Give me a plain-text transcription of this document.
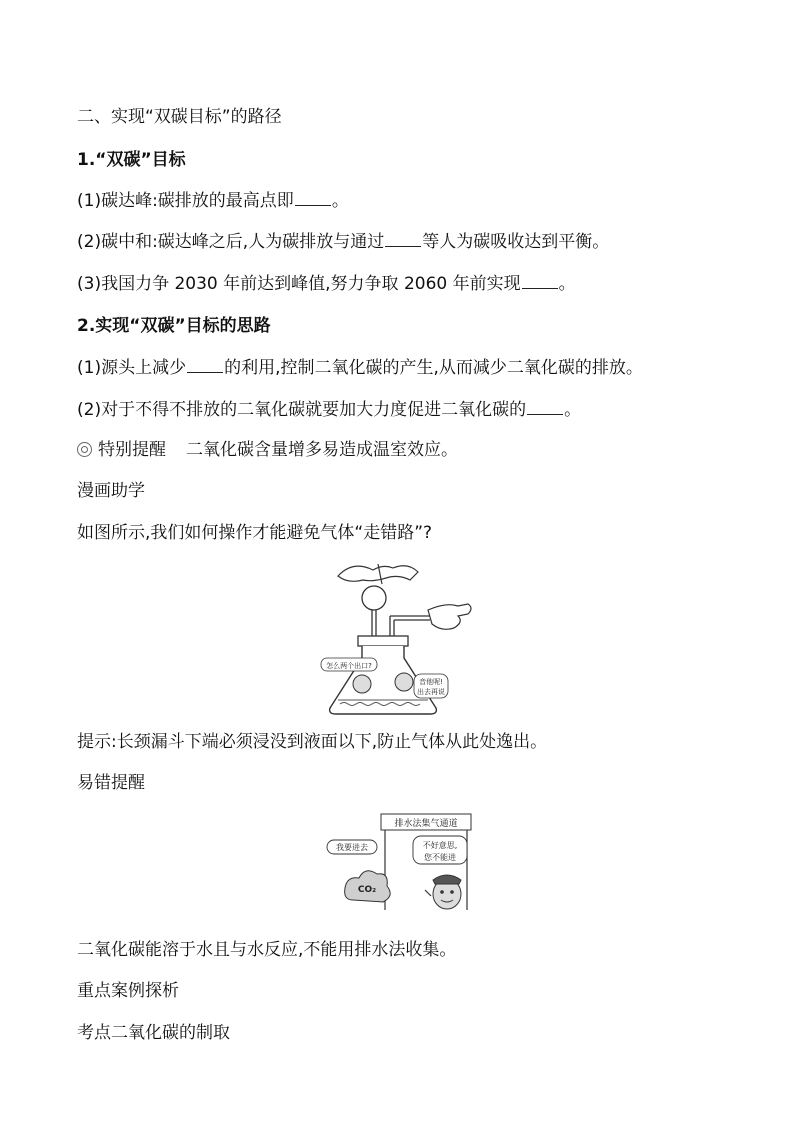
二、实现“双碳目标”的路径
1.“双碳”目标
(1)碳达峰:碳排放的最高点即 。
(2)碳中和:碳达峰之后,人为碳排放与通过 等人为碳吸收达到平衡。
(3)我国力争 2030 年前达到峰值,努力争取 2060 年前实现 。
2.实现“双碳”目标的思路
(1)源头上减少 的利用,控制二氧化碳的产生,从而减少二氧化碳的排放。
(2)对于不得不排放的二氧化碳就要加大力度促进二氧化碳的 。
特别提醒 二氧化碳含量增多易造成温室效应。
漫画助学
如图所示,我们如何操作才能避免气体“走错路”?
怎么两个出口?
音他呢!
出去再说
提示:长颈漏斗下端必须浸没到液面以下,防止气体从此处逸出。
易错提醒
排水法集气通道
我要进去
CO₂
不好意思,
您不能进
二氧化碳能溶于水且与水反应,不能用排水法收集。
重点案例探析
考点二氧化碳的制取
